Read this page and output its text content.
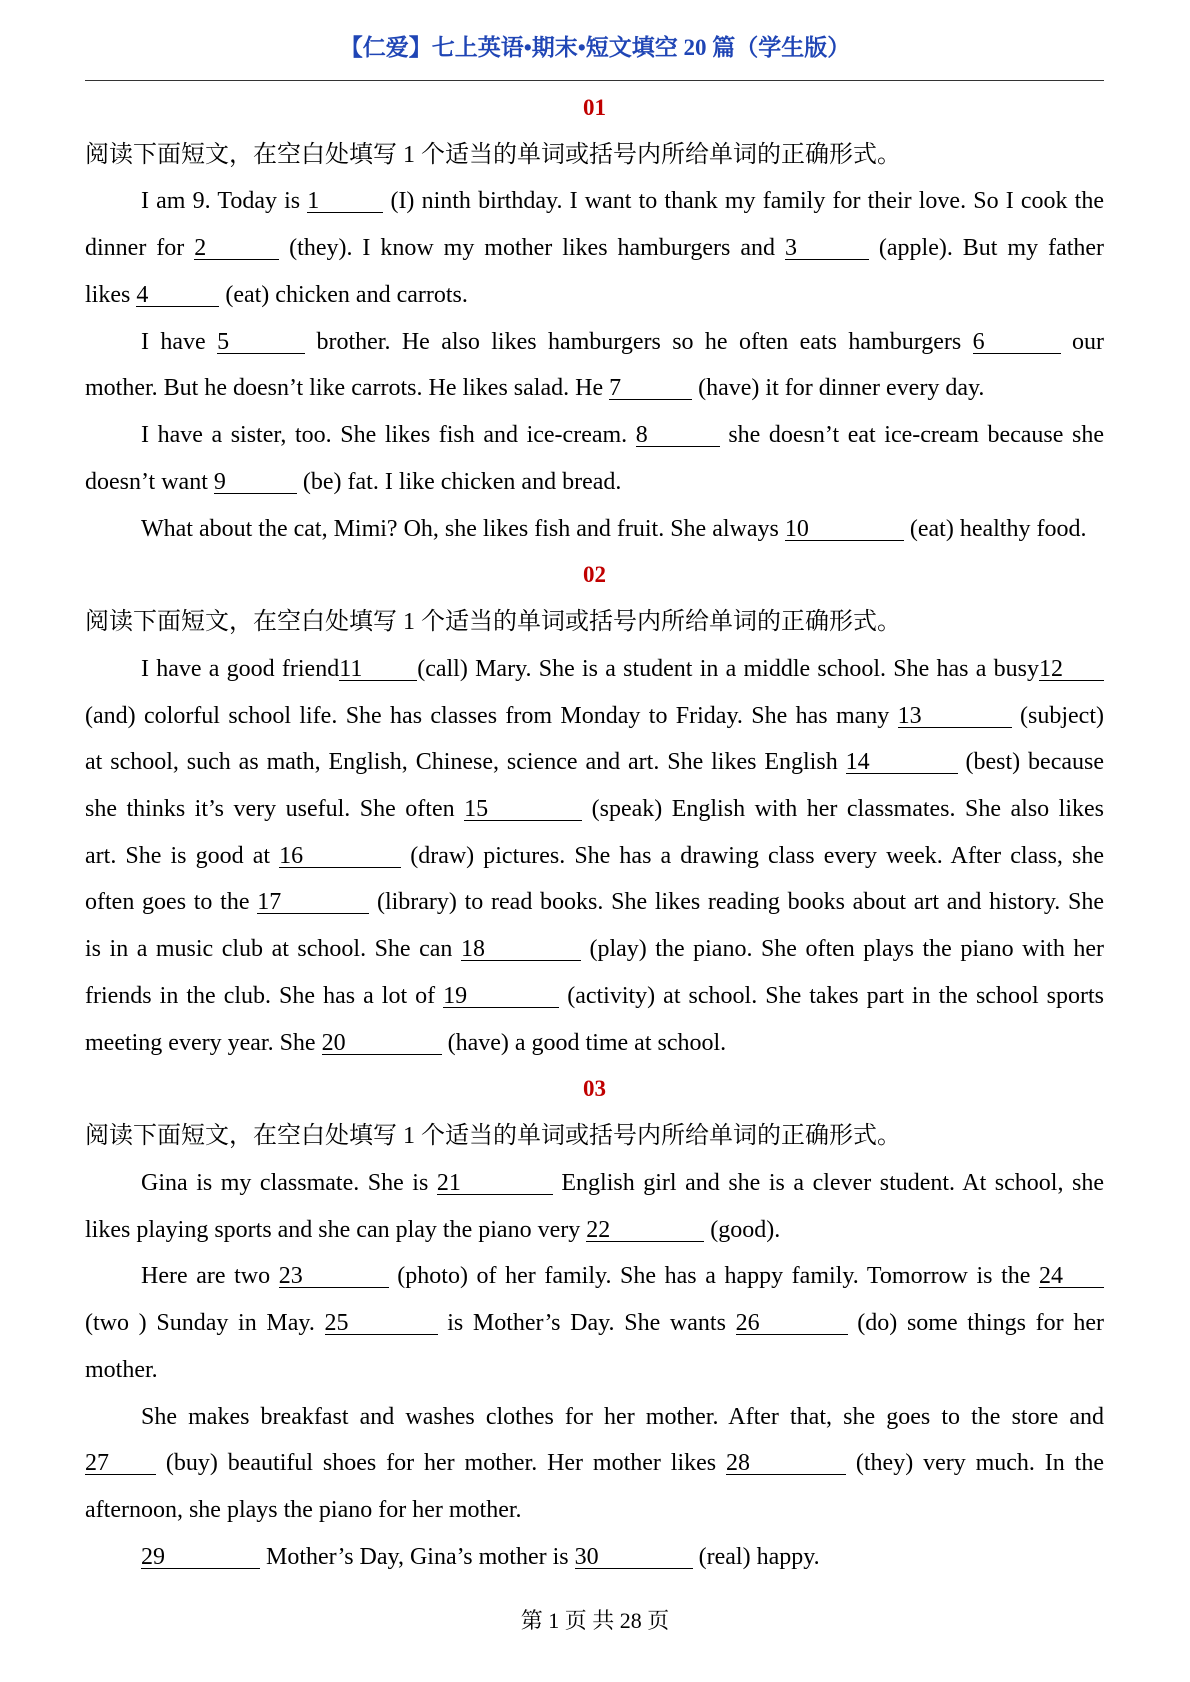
【仁爱】七上英语•期末•短文填空 20 篇（学生版）
01
阅读下面短文，在空白处填写 1 个适当的单词或括号内所给单词的正确形式。
I am 9. Today is 1	(I) ninth birthday. I want to thank my family for their love. So I cook the
dinner for 2	(they). I know my mother likes hamburgers and 3	(apple). But my father
likes 4	(eat) chicken and carrots.
I have 5	brother. He also likes hamburgers so he often eats hamburgers 6	our
mother. But he doesn’t like carrots. He likes salad. He 7	(have) it for dinner every day.
I have a sister, too. She likes fish and ice-cream. 8	she doesn’t eat ice-cream because she
doesn’t want 9	(be) fat. I like chicken and bread.
What about the cat, Mimi? Oh, she likes fish and fruit. She always 10	(eat) healthy food.
02
阅读下面短文，在空白处填写 1 个适当的单词或括号内所给单词的正确形式。
I have a good friend11 (call) Mary. She is a student in a middle school. She has a busy12
(and) colorful school life. She has classes from Monday to Friday. She has many 13	(subject)
at school, such as math, English, Chinese, science and art. She likes English 14	(best) because
she thinks it’s very useful. She often 15	(speak) English with her classmates. She also likes
art. She is good at 16	(draw) pictures. She has a drawing class every week. After class, she
often goes to the 17	(library) to read books. She likes reading books about art and history. She
is in a music club at school. She can 18	(play) the piano. She often plays the piano with her
friends in the club. She has a lot of 19	(activity) at school. She takes part in the school sports
meeting every year. She 20	(have) a good time at school.
03
阅读下面短文，在空白处填写 1 个适当的单词或括号内所给单词的正确形式。
Gina is my classmate. She is 21	English girl and she is a clever student. At school, she
likes playing sports and she can play the piano very 22	(good).
Here are two 23	(photo) of her family. She has a happy family. Tomorrow is the 24
(two ) Sunday in May. 25	is Mother’s Day. She wants 26	(do) some things for her
mother.
She makes breakfast and washes clothes for her mother. After that, she goes to the store and
27 (buy) beautiful shoes for her mother. Her mother likes 28	(they) very much. In the
afternoon, she plays the piano for her mother.
29	Mother’s Day, Gina’s mother is 30	(real) happy.
第 1 页 共 28 页
